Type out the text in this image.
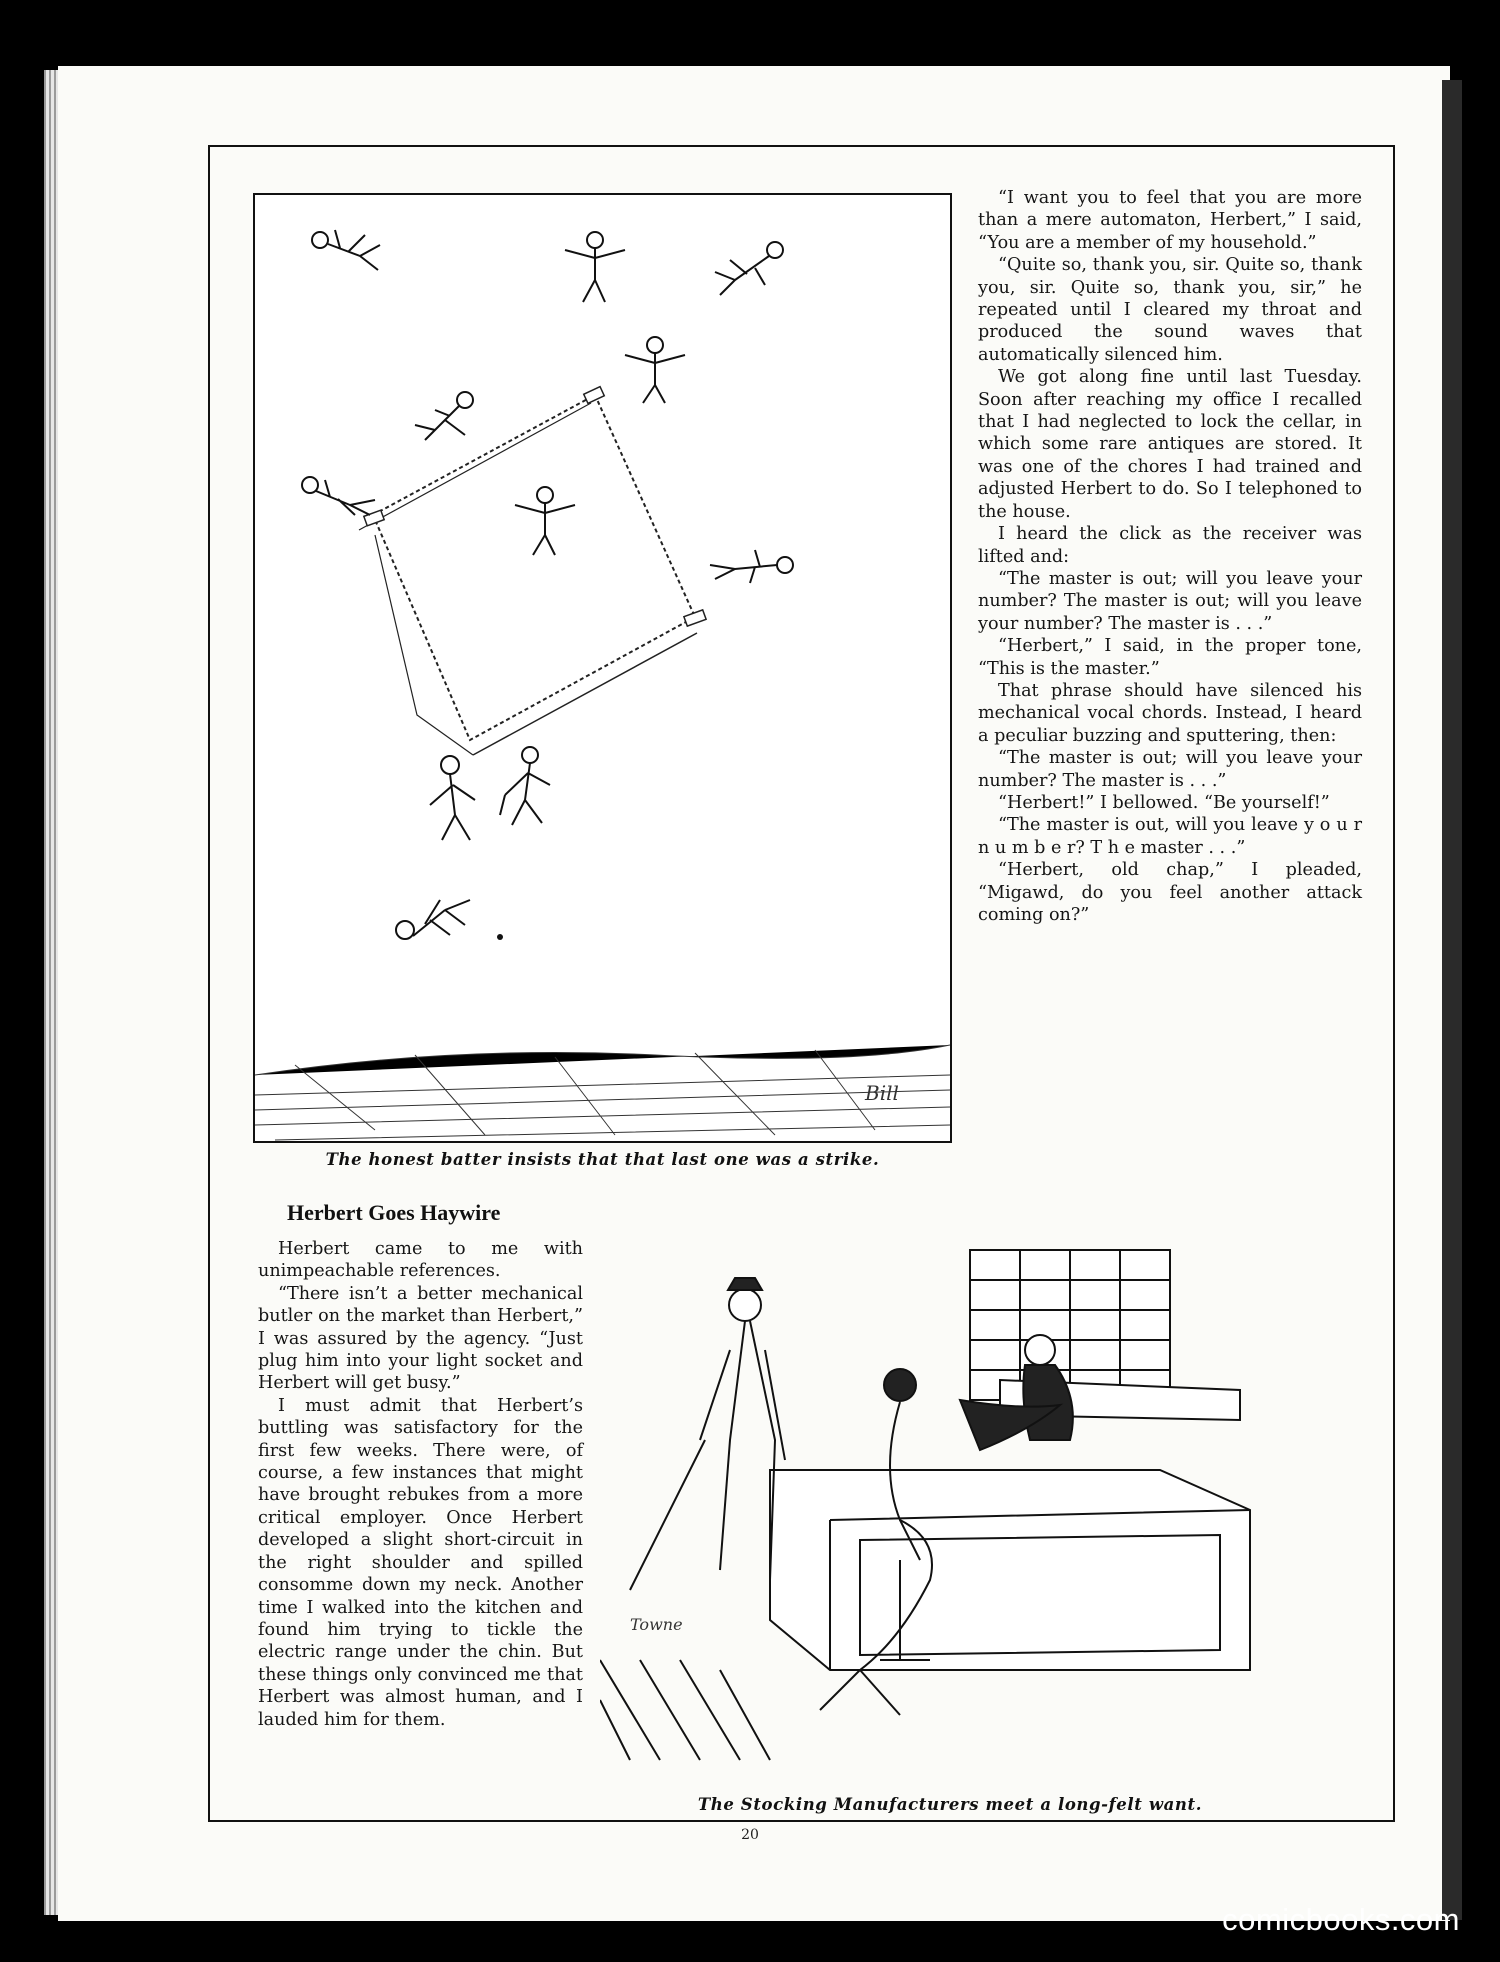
Bill
The honest batter insists that that last one was a strike.

“I want you to feel that you are more than a mere automaton, Herbert,” I said, “You are a member of my household.”

“Quite so, thank you, sir. Quite so, thank you, sir. Quite so, thank you, sir,” he repeated until I cleared my throat and produced the sound waves that automatically silenced him.

We got along fine until last Tuesday. Soon after reaching my office I recalled that I had neglected to lock the cellar, in which some rare antiques are stored. It was one of the chores I had trained and adjusted Herbert to do. So I telephoned to the house.

I heard the click as the receiver was lifted and:

“The master is out; will you leave your number? The master is out; will you leave your number? The master is . . .”

“Herbert,” I said, in the proper tone, “This is the master.”

That phrase should have silenced his mechanical vocal chords. Instead, I heard a peculiar buzzing and sputtering, then:

“The master is out; will you leave your number? The master is . . .”

“Herbert!” I bellowed. “Be yourself!”

“The master is out, will you leave y o u r n u m b e r? T h e master . . .”

“Herbert, old chap,” I pleaded, “Migawd, do you feel another attack coming on?”

Herbert Goes Haywire

Herbert came to me with unimpeachable references.

“There isn’t a better mechanical butler on the market than Herbert,” I was assured by the agency. “Just plug him into your light socket and Herbert will get busy.”

I must admit that Herbert’s buttling was satisfactory for the first few weeks. There were, of course, a few instances that might have brought rebukes from a more critical employer. Once Herbert developed a slight short-circuit in the right shoulder and spilled consomme down my neck. Another time I walked into the kitchen and found him trying to tickle the electric range under the chin. But these things only convinced me that Herbert was almost human, and I lauded him for them.

Towne
The Stocking Manufacturers meet a long-felt want.
20
comicbooks.com
